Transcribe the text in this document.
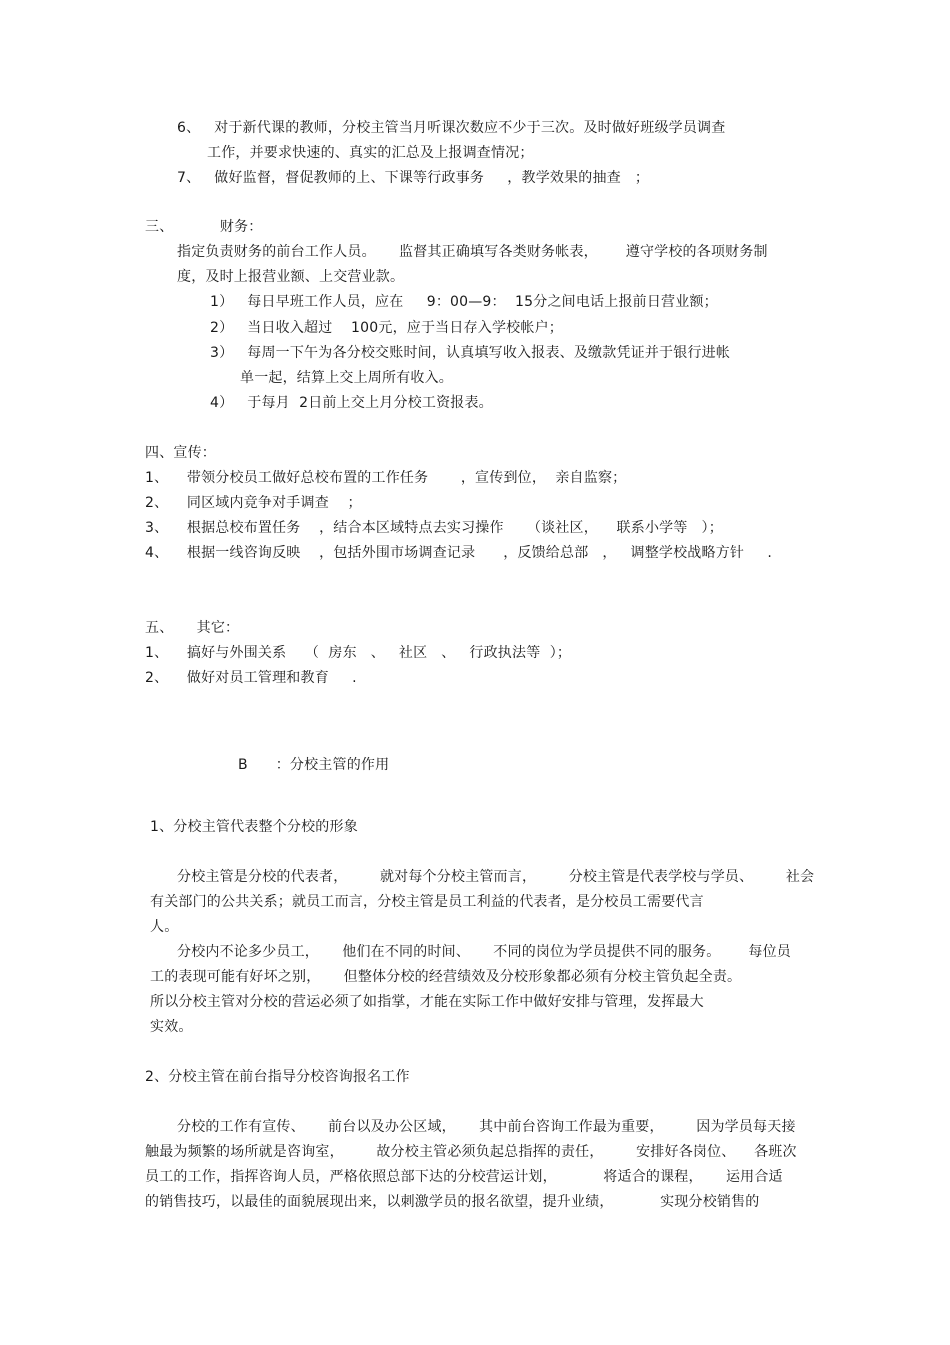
6、   对于新代课的教师，分校主管当月听课次数应不少于三次。及时做好班级学员调查
工作，并要求快速的、真实的汇总及上报调查情况；
7、   做好监督，督促教师的上、下课等行政事务     ，教学效果的抽查   ；
三、          财务：
指定负责财务的前台工作人员。     监督其正确填写各类财务帐表，      遵守学校的各项财务制
度，及时上报营业额、上交营业款。
1）   每日早班工作人员，应在     9：00—9：  15分之间电话上报前日营业额；
2）   当日收入超过    100元，应于当日存入学校帐户；
3）   每周一下午为各分校交账时间，认真填写收入报表、及缴款凭证并于银行进帐
单一起，结算上交上周所有收入。
4）   于每月  2日前上交上月分校工资报表。
四、宣传：
1、    带领分校员工做好总校布置的工作任务       ，宣传到位，  亲自监察；
2、    同区域内竞争对手调查    ；
3、    根据总校布置任务    ，结合本区域特点去实习操作     （谈社区，    联系小学等   ）；
4、    根据一线咨询反映    ，包括外围市场调查记录      ，反馈给总部   ，   调整学校战略方针     .
五、     其它：
1、    搞好与外围关系    （  房东   、   社区   、   行政执法等  ）；
2、    做好对员工管理和教育     .
B      ：分校主管的作用
1、分校主管代表整个分校的形象
分校主管是分校的代表者，       就对每个分校主管而言，       分校主管是代表学校与学员、       社会
有关部门的公共关系；就员工而言，分校主管是员工利益的代表者，是分校员工需要代言
人。
分校内不论多少员工，     他们在不同的时间、     不同的岗位为学员提供不同的服务。      每位员
工的表现可能有好坏之别，     但整体分校的经营绩效及分校形象都必须有分校主管负起全责。
所以分校主管对分校的营运必须了如指掌，才能在实际工作中做好安排与管理，发挥最大
实效。
2、分校主管在前台指导分校咨询报名工作
分校的工作有宣传、     前台以及办公区域，     其中前台咨询工作最为重要，       因为学员每天接
触最为频繁的场所就是咨询室，       故分校主管必须负起总指挥的责任，       安排好各岗位、    各班次
员工的工作，指挥咨询人员，严格依照总部下达的分校营运计划，          将适合的课程，     运用合适
的销售技巧，以最佳的面貌展现出来，以刺激学员的报名欲望，提升业绩，          实现分校销售的
